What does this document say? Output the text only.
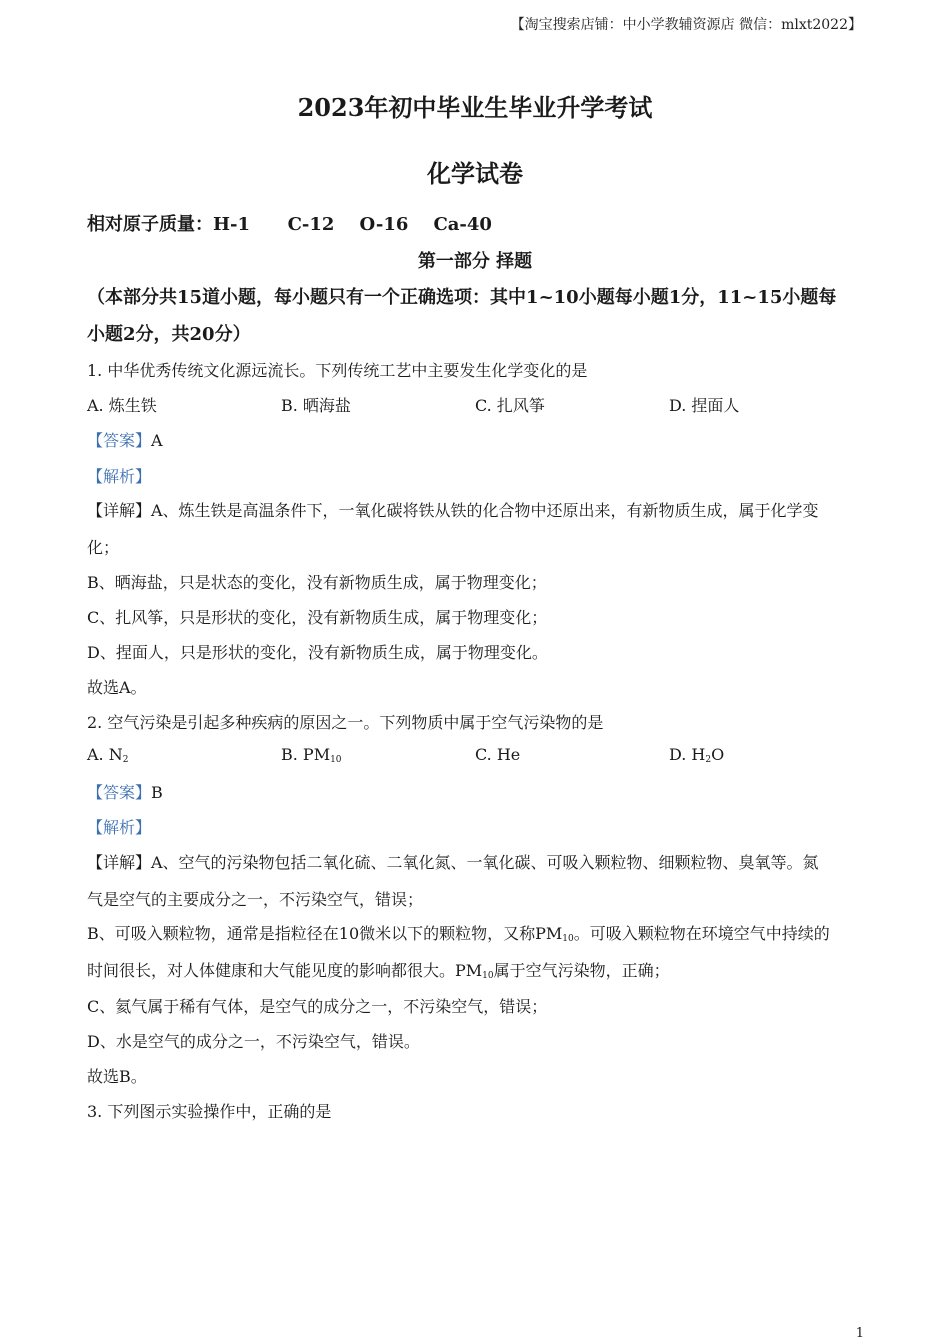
【淘宝搜索店铺：中小学教辅资源店 微信：mlxt2022】
2023年初中毕业生毕业升学考试
化学试卷
相对原子质量：H-1      C-12    O-16    Ca-40
第一部分 择题
（本部分共15道小题，每小题只有一个正确选项：其中1~10小题每小题1分，11~15小题每
小题2分，共20分）
1. 中华优秀传统文化源远流长。下列传统工艺中主要发生化学变化的是
A. 炼生铁	B. 晒海盐	C. 扎风筝	D. 捏面人
【答案】A
【解析】
【详解】A、炼生铁是高温条件下，一氧化碳将铁从铁的化合物中还原出来，有新物质生成，属于化学变
化；
B、晒海盐，只是状态的变化，没有新物质生成，属于物理变化；
C、扎风筝，只是形状的变化，没有新物质生成，属于物理变化；
D、捏面人，只是形状的变化，没有新物质生成，属于物理变化。
故选A。
2. 空气污染是引起多种疾病的原因之一。下列物质中属于空气污染物的是
A. $N_2$	B. $PM_{10}$	C. He	D. $H_2O$
【答案】B
【解析】
【详解】A、空气的污染物包括二氧化硫、二氧化氮、一氧化碳、可吸入颗粒物、细颗粒物、臭氧等。氮
气是空气的主要成分之一，不污染空气，错误；
B、可吸入颗粒物，通常是指粒径在10微米以下的颗粒物，又称$PM_{10}$。可吸入颗粒物在环境空气中持续的
时间很长，对人体健康和大气能见度的影响都很大。$PM_{10}$属于空气污染物，正确；
C、氦气属于稀有气体，是空气的成分之一，不污染空气，错误；
D、水是空气的成分之一，不污染空气，错误。
故选B。
3. 下列图示实验操作中，正确的是
1
